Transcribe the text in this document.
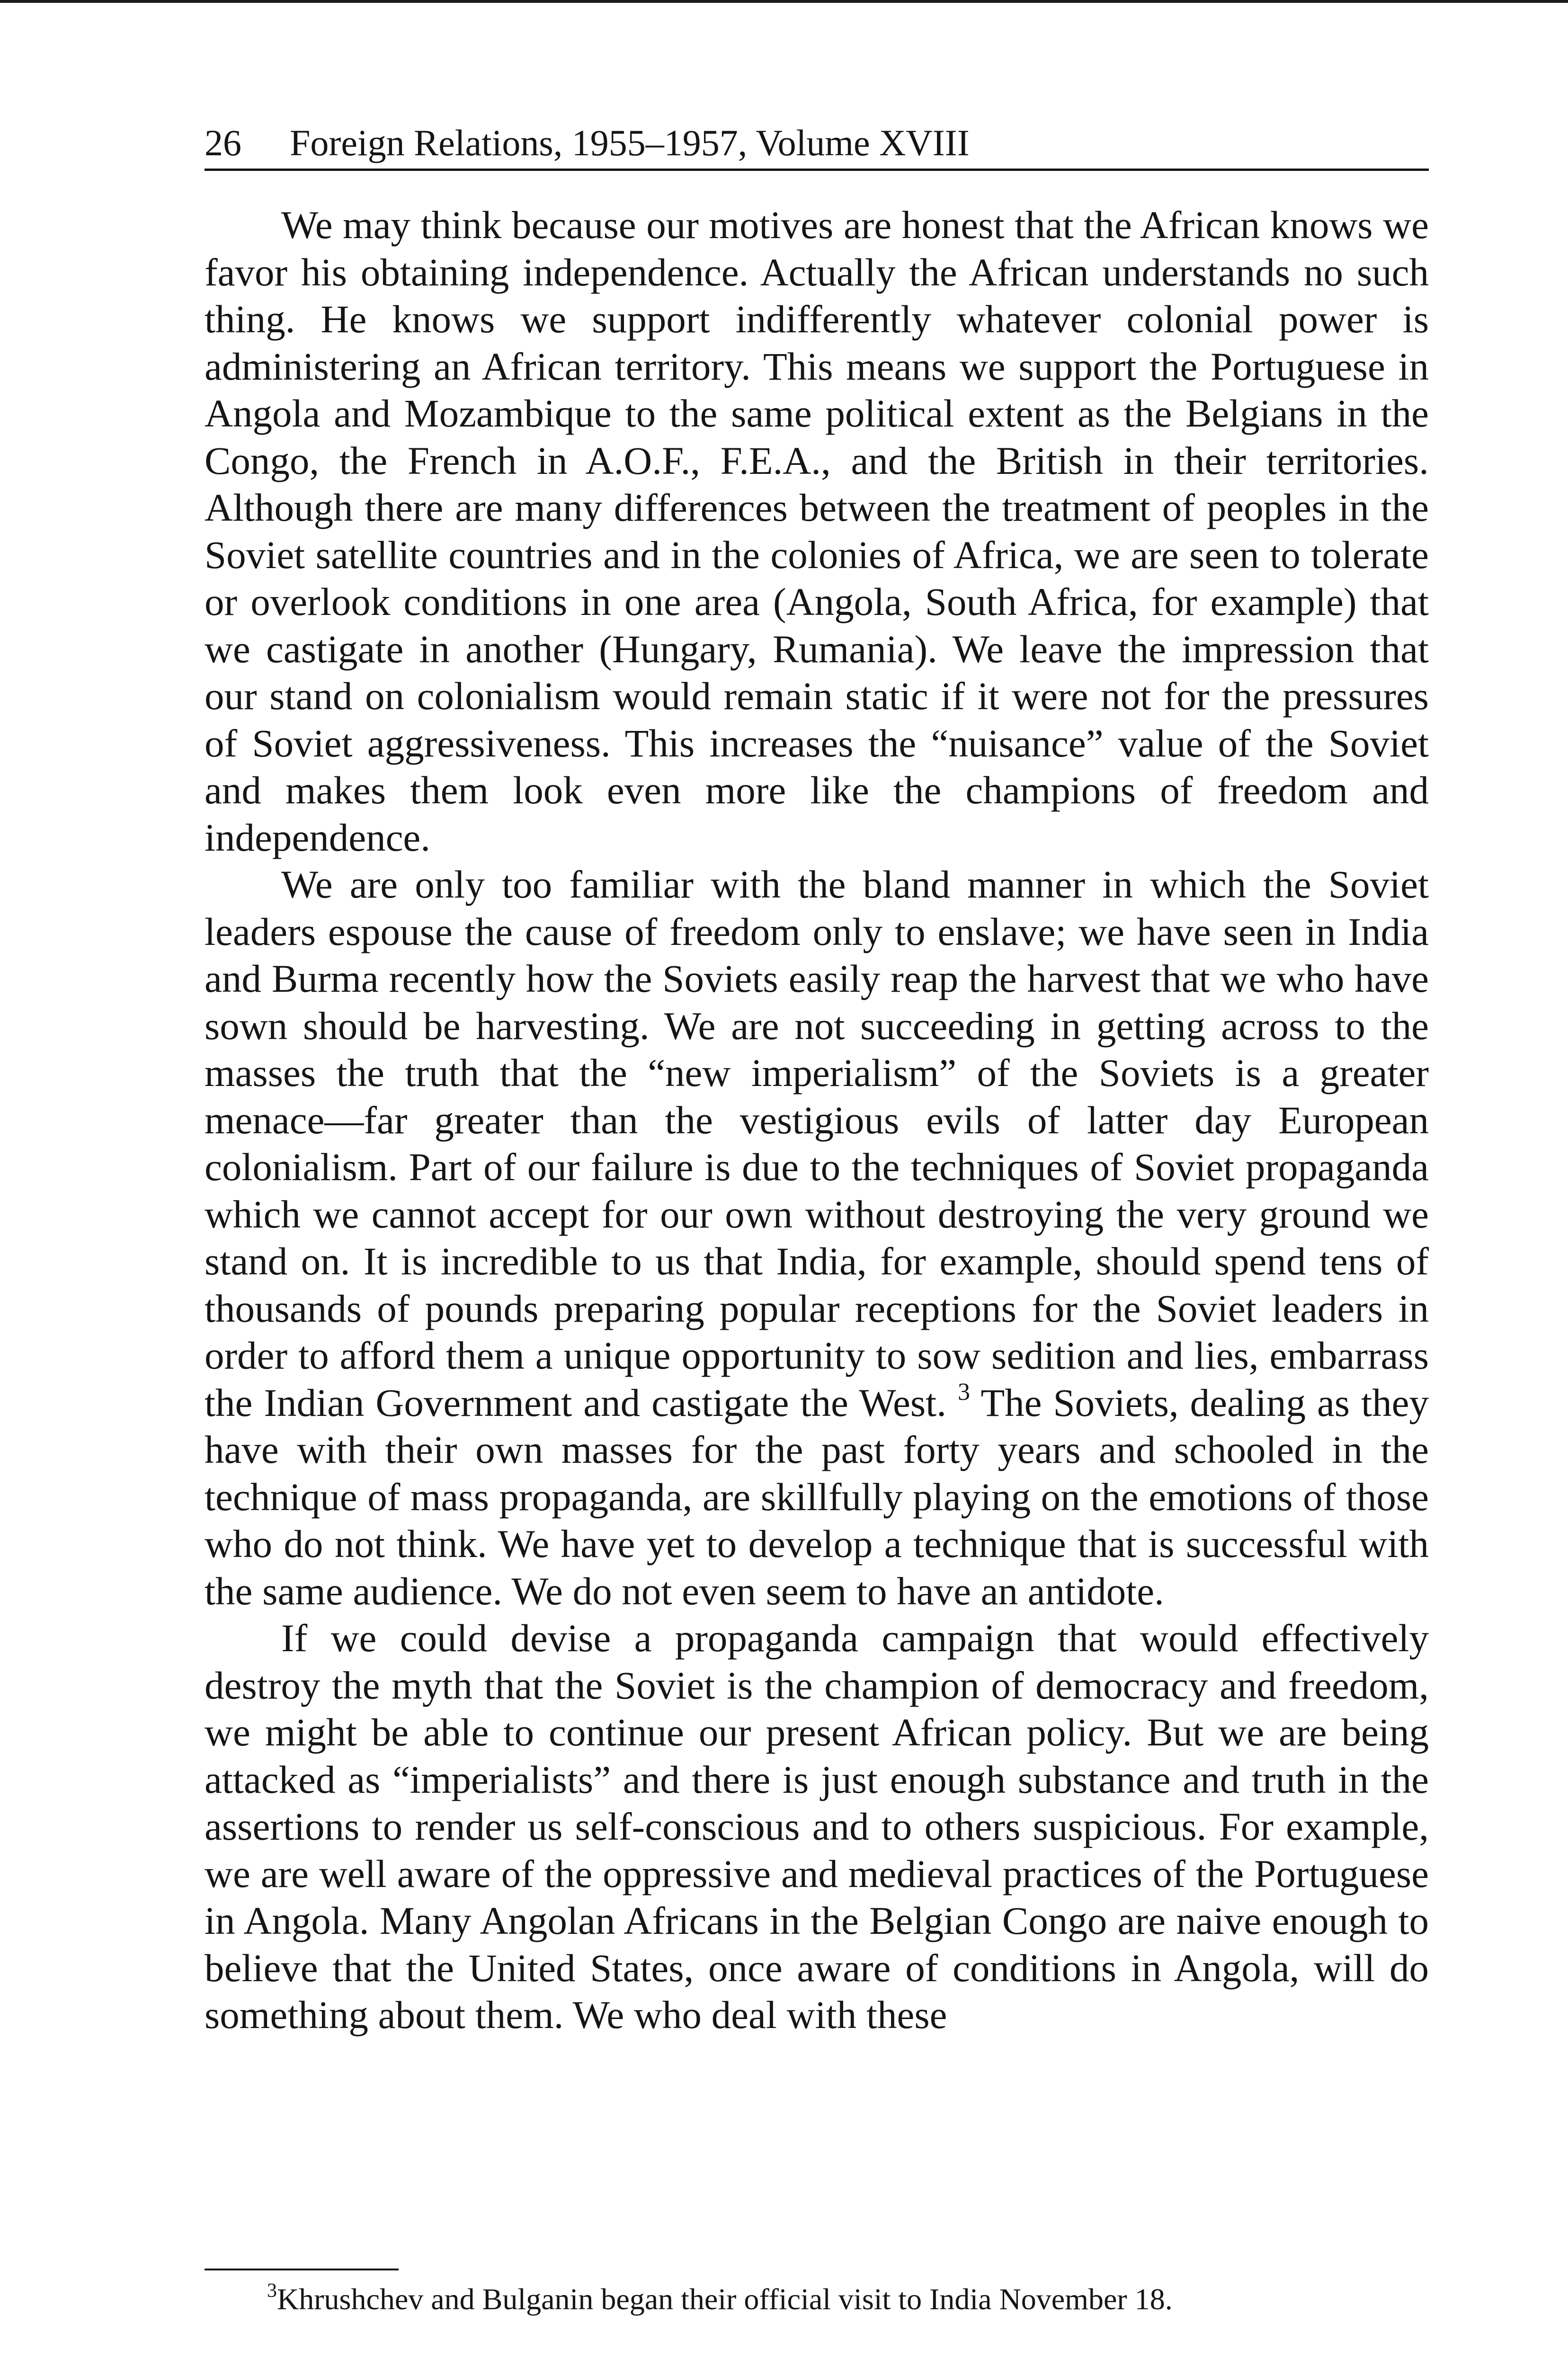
26 Foreign Relations, 1955–1957, Volume XVIII

We may think because our motives are honest that the African knows we favor his obtaining independence. Actually the African understands no such thing. He knows we support indifferently whatever colonial power is administering an African territory. This means we support the Portuguese in Angola and Mozambique to the same political extent as the Belgians in the Congo, the French in A.O.F., F.E.A., and the British in their territories. Although there are many differences between the treatment of peoples in the Soviet satellite countries and in the colonies of Africa, we are seen to tolerate or overlook conditions in one area (Angola, South Africa, for example) that we castigate in another (Hungary, Rumania). We leave the impression that our stand on colonialism would remain static if it were not for the pressures of Soviet aggressiveness. This increases the “nuisance” value of the Soviet and makes them look even more like the champions of freedom and independence.

We are only too familiar with the bland manner in which the Soviet leaders espouse the cause of freedom only to enslave; we have seen in India and Burma recently how the Soviets easily reap the harvest that we who have sown should be harvesting. We are not succeeding in getting across to the masses the truth that the “new imperialism” of the Soviets is a greater menace—far greater than the vestigious evils of latter day European colonialism. Part of our failure is due to the techniques of Soviet propaganda which we cannot accept for our own without destroying the very ground we stand on. It is incredible to us that India, for example, should spend tens of thousands of pounds preparing popular receptions for the Soviet leaders in order to afford them a unique opportunity to sow sedition and lies, embarrass the Indian Government and castigate the West. $^3$ The Soviets, dealing as they have with their own masses for the past forty years and schooled in the technique of mass propaganda, are skillfully playing on the emotions of those who do not think. We have yet to develop a technique that is successful with the same audience. We do not even seem to have an antidote.

If we could devise a propaganda campaign that would effectively destroy the myth that the Soviet is the champion of democracy and freedom, we might be able to continue our present African policy. But we are being attacked as “imperialists” and there is just enough substance and truth in the assertions to render us self-conscious and to others suspicious. For example, we are well aware of the oppressive and medieval practices of the Portuguese in Angola. Many Angolan Africans in the Belgian Congo are naive enough to believe that the United States, once aware of conditions in Angola, will do something about them. We who deal with these

$^3$Khrushchev and Bulganin began their official visit to India November 18.
